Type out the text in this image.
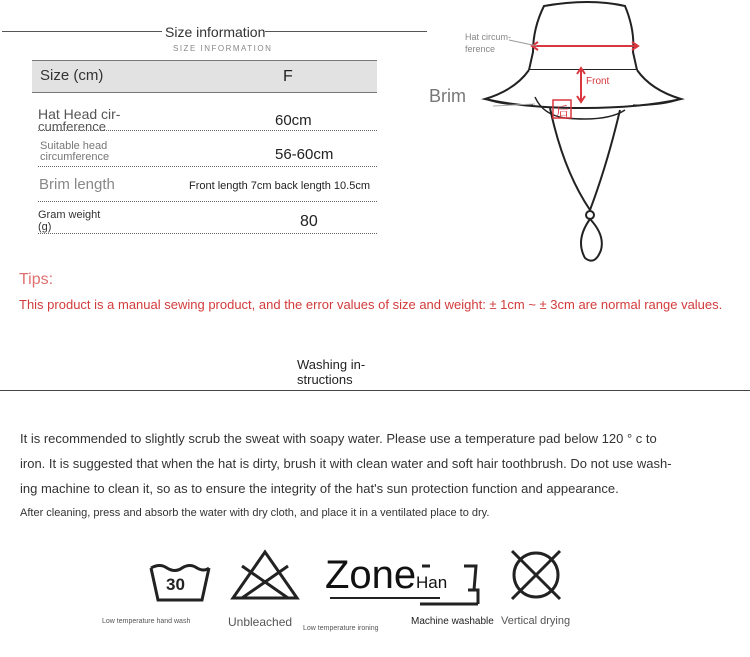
Size information
SIZE INFORMATION
Size (cm)	F
Hat Head cir-
cumference	60cm
Suitable head
circumference	56-60cm
Brim length	Front length 7cm back length 10.5cm
Gram weight
(g)	80
Hat circum-
ference
Brim
Front
后
Tips:
This product is a manual sewing product, and the error values of size and weight: ± 1cm ~ ± 3cm are normal range values.
Washing in-
structions
It is recommended to slightly scrub the sweat with soapy water. Please use a temperature pad below 120 ° c to
iron. It is suggested that when the hat is dirty, brush it with clean water and soft hair toothbrush. Do not use wash-
ing machine to clean it, so as to ensure the integrity of the hat's sun protection function and appearance.
After cleaning, press and absorb the water with dry cloth, and place it in a ventilated place to dry.
30
Low temperature hand wash	Unbleached
Zone Han
Low temperature ironing
Machine washable Vertical drying
